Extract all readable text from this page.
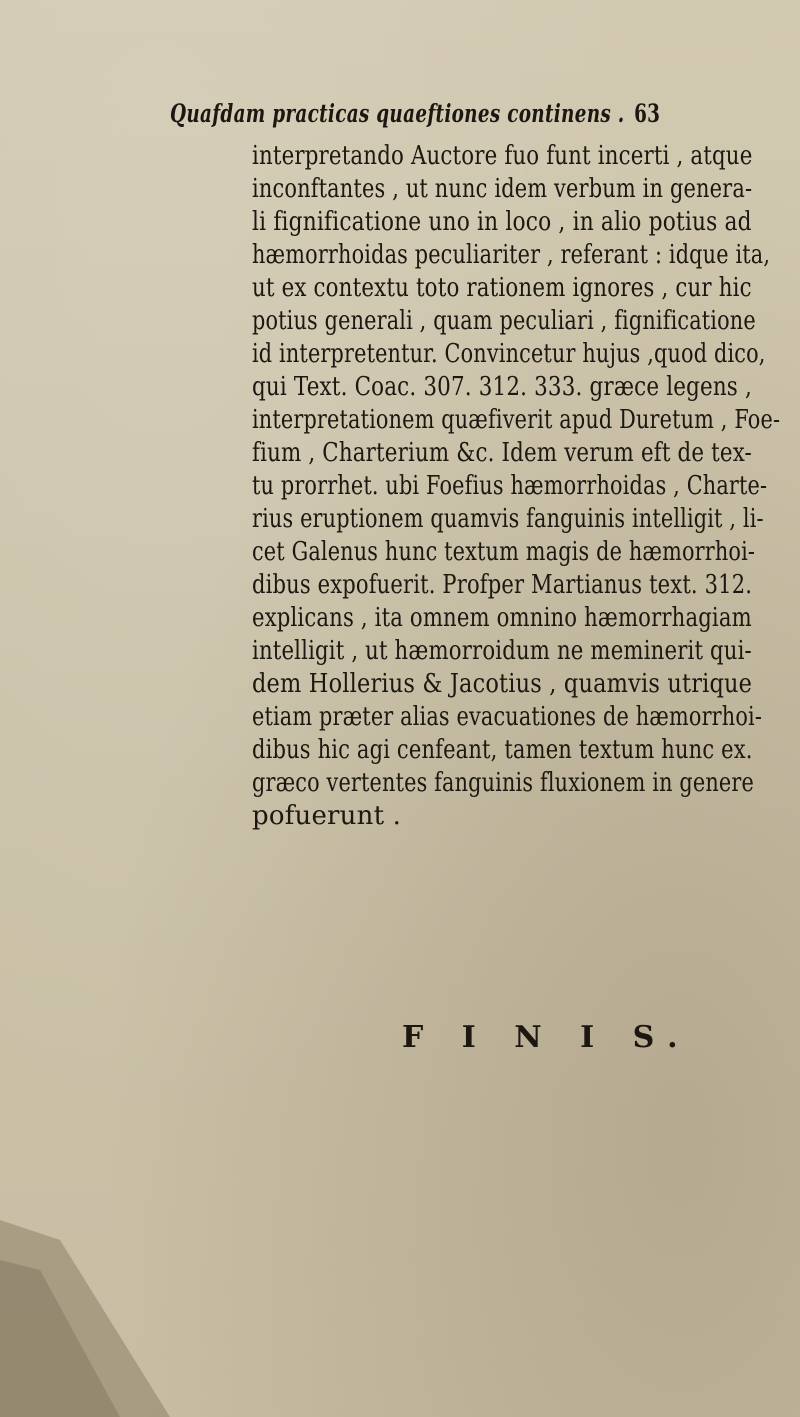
Quafdam practicas quaeftiones continens . 63
interpretando Auctore fuo funt incerti , atque
inconftantes , ut nunc idem verbum in genera-
li fignificatione uno in loco , in alio potius ad
hæmorrhoidas peculiariter , referant : idque ita,
ut ex contextu toto rationem ignores , cur hic
potius generali , quam peculiari , fignificatione
id interpretentur. Convincetur hujus ,quod dico,
qui Text. Coac. 307. 312. 333. græce legens ,
interpretationem quæfiverit apud Duretum , Foe-
fium , Charterium &c. Idem verum eft de tex-
tu prorrhet. ubi Foefius hæmorrhoidas , Charte-
rius eruptionem quamvis fanguinis intelligit , li-
cet Galenus hunc textum magis de hæmorrhoi-
dibus expofuerit. Profper Martianus text. 312.
explicans , ita omnem omnino hæmorrhagiam
intelligit , ut hæmorroidum ne meminerit qui-
dem Hollerius & Jacotius , quamvis utrique
etiam præter alias evacuationes de hæmorrhoi-
dibus hic agi cenfeant, tamen textum hunc ex.
græco vertentes fanguinis fluxionem in genere
pofuerunt .
F I N I S.
